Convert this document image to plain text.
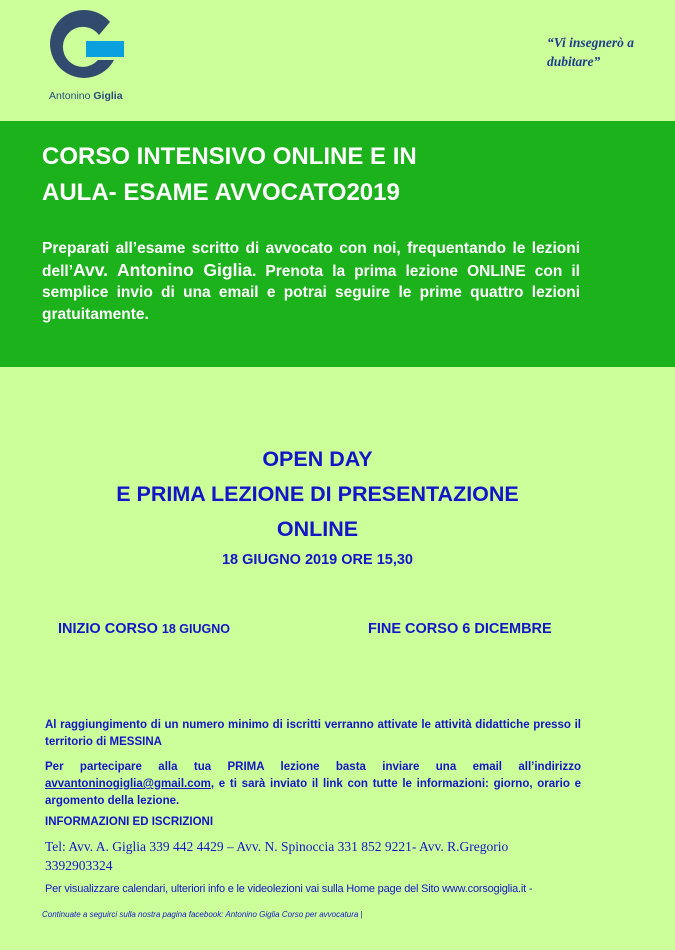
Antonino Giglia
“Vi insegnerò a dubitare”
CORSO INTENSIVO ONLINE E IN
AULA- ESAME AVVOCATO2019
Preparati all’esame scritto di avvocato con noi, frequentando le lezioni dell’Avv. Antonino Giglia. Prenota la prima lezione ONLINE con il semplice invio di una email e potrai seguire le prime quattro lezioni gratuitamente.
OPEN DAY
E PRIMA LEZIONE DI PRESENTAZIONE
ONLINE
18 GIUGNO 2019 ORE 15,30
INIZIO CORSO 18 GIUGNO	FINE CORSO 6 DICEMBRE
Al raggiungimento di un numero minimo di iscritti verranno attivate le attività didattiche presso il territorio di MESSINA
Per partecipare alla tua PRIMA lezione basta inviare una email all’indirizzo avvantoninogiglia@gmail.com, e ti sarà inviato il link con tutte le informazioni: giorno, orario e argomento della lezione.
INFORMAZIONI ED ISCRIZIONI
Tel: Avv. A. Giglia 339 442 4429 – Avv. N. Spinoccia 331 852 9221- Avv. R.Gregorio 3392903324
Per visualizzare calendari, ulteriori info e le videolezioni vai sulla Home page del Sito www.corsogiglia.it -
Continuate a seguirci sulla nostra pagina facebook: Antonino Giglia Corso per avvocatura |
